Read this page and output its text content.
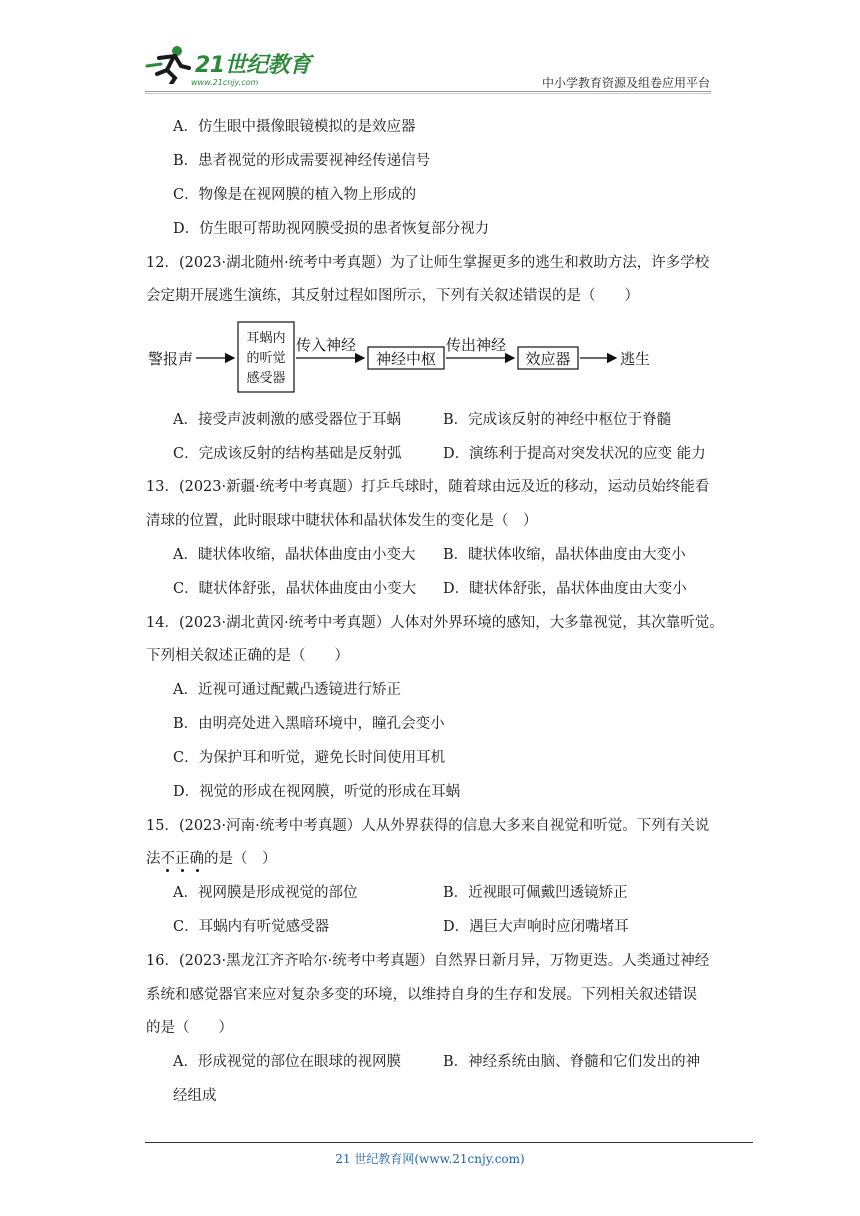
21世纪教育
www.21cnjy.com	中小学教育资源及组卷应用平台
A．仿生眼中摄像眼镜模拟的是效应器
B．患者视觉的形成需要视神经传递信号
C．物像是在视网膜的植入物上形成的
D．仿生眼可帮助视网膜受损的患者恢复部分视力
12．(2023·湖北随州·统考中考真题）为了让师生掌握更多的逃生和救助方法，许多学校
会定期开展逃生演练，其反射过程如图所示，下列有关叙述错误的是（　　）
警报声
耳蜗内
的听觉
感受器
传入神经
神经中枢
传出神经
效应器	逃生
A．接受声波刺激的感受器位于耳蜗	B．完成该反射的神经中枢位于脊髓
C．完成该反射的结构基础是反射弧	D．演练利于提高对突发状况的应变 能力
13．(2023·新疆·统考中考真题）打乒乓球时，随着球由远及近的移动，运动员始终能看
清球的位置，此时眼球中睫状体和晶状体发生的变化是（　）
A．睫状体收缩，晶状体曲度由小变大 B．睫状体收缩，晶状体曲度由大变小
C．睫状体舒张，晶状体曲度由小变大 D．睫状体舒张，晶状体曲度由大变小
14．(2023·湖北黄冈·统考中考真题）人体对外界环境的感知，大多靠视觉，其次靠听觉。
下列相关叙述正确的是（　　）
A．近视可通过配戴凸透镜进行矫正
B．由明亮处进入黑暗环境中，瞳孔会变小
C．为保护耳和听觉，避免长时间使用耳机
D．视觉的形成在视网膜，听觉的形成在耳蜗
15．(2023·河南·统考中考真题）人从外界获得的信息大多来自视觉和听觉。下列有关说
法不正确的是（　）
A．视网膜是形成视觉的部位	B．近视眼可佩戴凹透镜矫正
C．耳蜗内有听觉感受器	D．遇巨大声响时应闭嘴堵耳
16．(2023·黑龙江齐齐哈尔·统考中考真题）自然界日新月异，万物更迭。人类通过神经
系统和感觉器官来应对复杂多变的环境，以维持自身的生存和发展。下列相关叙述错误
的是（　　）
A．形成视觉的部位在眼球的视网膜	B．神经系统由脑、脊髓和它们发出的神
经组成
21 世纪教育网(www.21cnjy.com)
